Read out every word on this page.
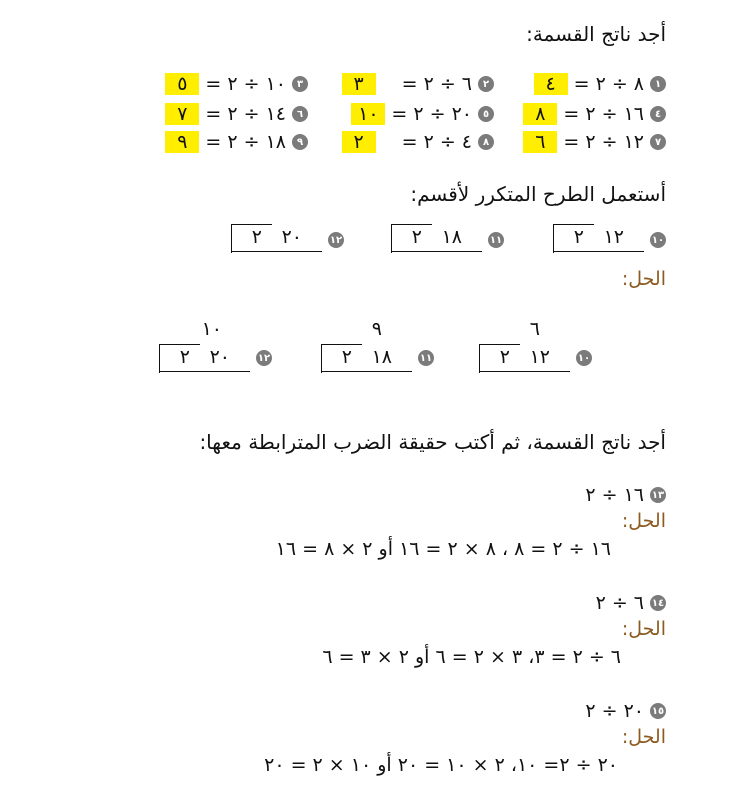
أجد ناتج القسمة:
١
٨ ÷ ٢ =
٤
٢
٦ ÷ ٢ =
٣
٣
١٠ ÷ ٢ =
٥
٤
١٦ ÷ ٢ =
٨
٥
٢٠ ÷ ٢ =
١٠
٦
١٤ ÷ ٢ =
٧
٧
١٢ ÷ ٢ =
٦
٨
٤ ÷ ٢ =
٢
٩
١٨ ÷ ٢ =
٩
أستعمل الطرح المتكرر لأقسم:
١٠
١٢
٢
١١
١٨
٢
١٢
٢٠
٢
الحل:
١٠
٦
١٢
٢
١١
٩
١٨
٢
١٢
١٠
٢٠
٢
أجد ناتج القسمة، ثم أكتب حقيقة الضرب المترابطة معها:
١٣
١٦ ÷ ٢
الحل:
١٦ ÷ ٢ = ٨ ، ٨ × ٢ = ١٦ أو ٢ × ٨ = ١٦
١٤
٦ ÷ ٢
الحل:
٦ ÷ ٢ = ٣، ٣ × ٢ = ٦ أو ٢ × ٣ = ٦
١٥
٢٠ ÷ ٢
الحل:
٢٠ ÷ ٢= ١٠، ٢ × ١٠ = ٢٠ أو ١٠ × ٢ = ٢٠
